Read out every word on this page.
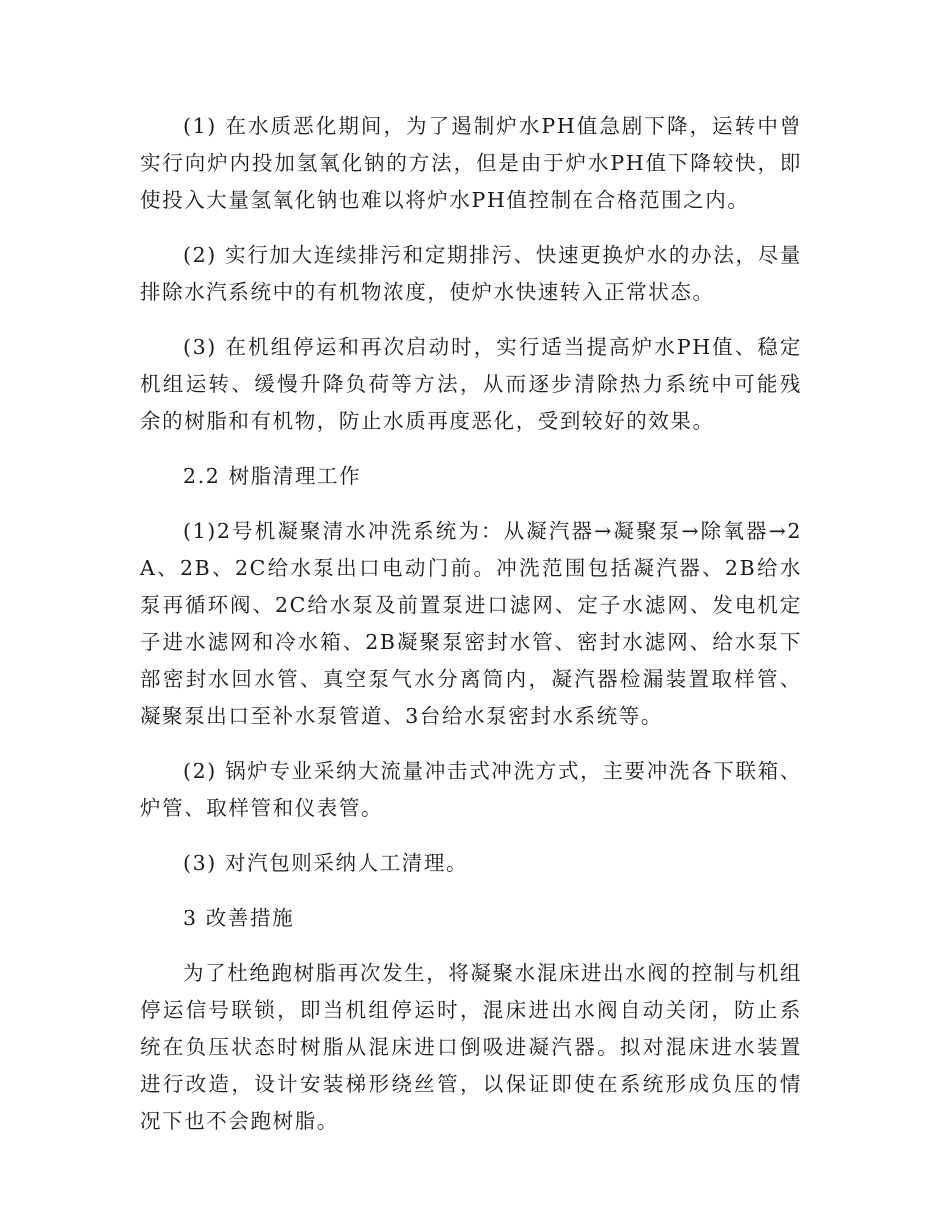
(1) 在水质恶化期间，为了遏制炉水PH值急剧下降，运转中曾实行向炉内投加氢氧化钠的方法，但是由于炉水PH值下降较快，即使投入大量氢氧化钠也难以将炉水PH值控制在合格范围之内。

(2) 实行加大连续排污和定期排污、快速更换炉水的办法，尽量排除水汽系统中的有机物浓度，使炉水快速转入正常状态。

(3) 在机组停运和再次启动时，实行适当提高炉水PH值、稳定机组运转、缓慢升降负荷等方法，从而逐步清除热力系统中可能残余的树脂和有机物，防止水质再度恶化，受到较好的效果。

2.2 树脂清理工作

(1)2号机凝聚清水冲洗系统为：从凝汽器→凝聚泵→除氧器→2A、2B、2C给水泵出口电动门前。冲洗范围包括凝汽器、2B给水泵再循环阀、2C给水泵及前置泵进口滤网、定子水滤网、发电机定子进水滤网和冷水箱、2B凝聚泵密封水管、密封水滤网、给水泵下部密封水回水管、真空泵气水分离筒内，凝汽器检漏装置取样管、凝聚泵出口至补水泵管道、3台给水泵密封水系统等。

(2) 锅炉专业采纳大流量冲击式冲洗方式，主要冲洗各下联箱、炉管、取样管和仪表管。

(3) 对汽包则采纳人工清理。

3 改善措施

为了杜绝跑树脂再次发生，将凝聚水混床进出水阀的控制与机组停运信号联锁，即当机组停运时，混床进出水阀自动关闭，防止系统在负压状态时树脂从混床进口倒吸进凝汽器。拟对混床进水装置进行改造，设计安装梯形绕丝管，以保证即使在系统形成负压的情况下也不会跑树脂。
